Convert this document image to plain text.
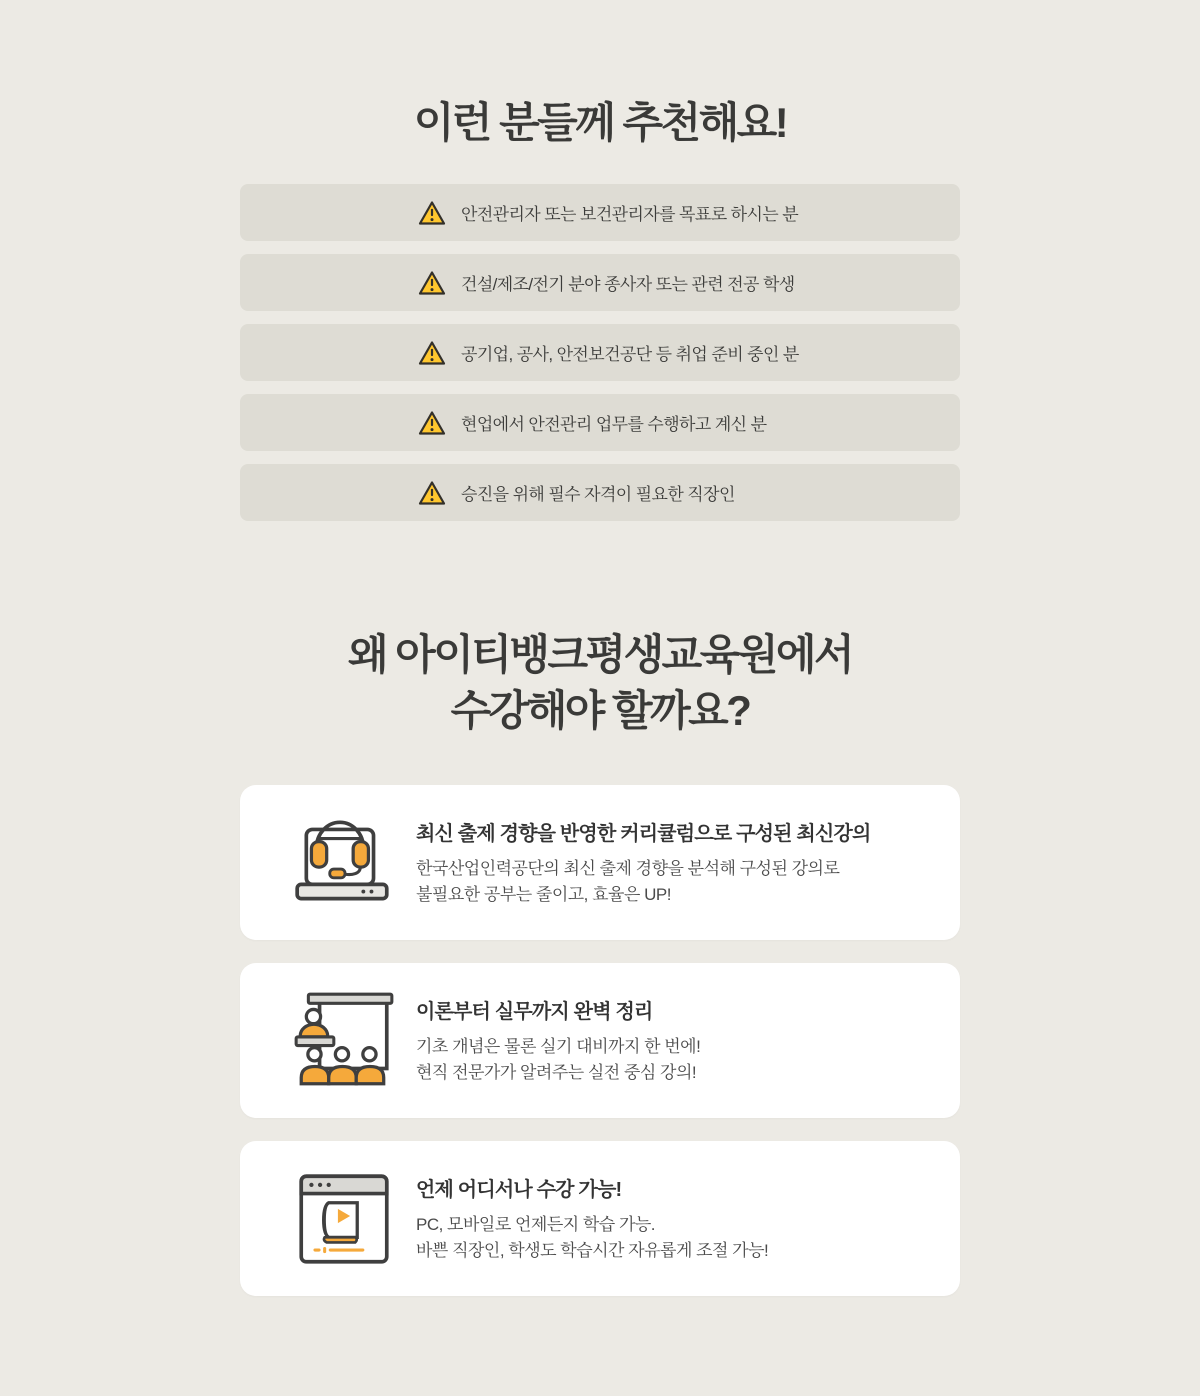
이런 분들께 추천해요!
안전관리자 또는 보건관리자를 목표로 하시는 분
건설/제조/전기 분야 종사자 또는 관련 전공 학생
공기업, 공사, 안전보건공단 등 취업 준비 중인 분
현업에서 안전관리 업무를 수행하고 계신 분
승진을 위해 필수 자격이 필요한 직장인
왜 아이티뱅크평생교육원에서
수강해야 할까요?
최신 출제 경향을 반영한 커리큘럼으로 구성된 최신강의
한국산업인력공단의 최신 출제 경향을 분석해 구성된 강의로
불필요한 공부는 줄이고, 효율은 UP!
이론부터 실무까지 완벽 정리
기초 개념은 물론 실기 대비까지 한 번에!
현직 전문가가 알려주는 실전 중심 강의!
언제 어디서나 수강 가능!
PC, 모바일로 언제든지 학습 가능.
바쁜 직장인, 학생도 학습시간 자유롭게 조절 가능!
